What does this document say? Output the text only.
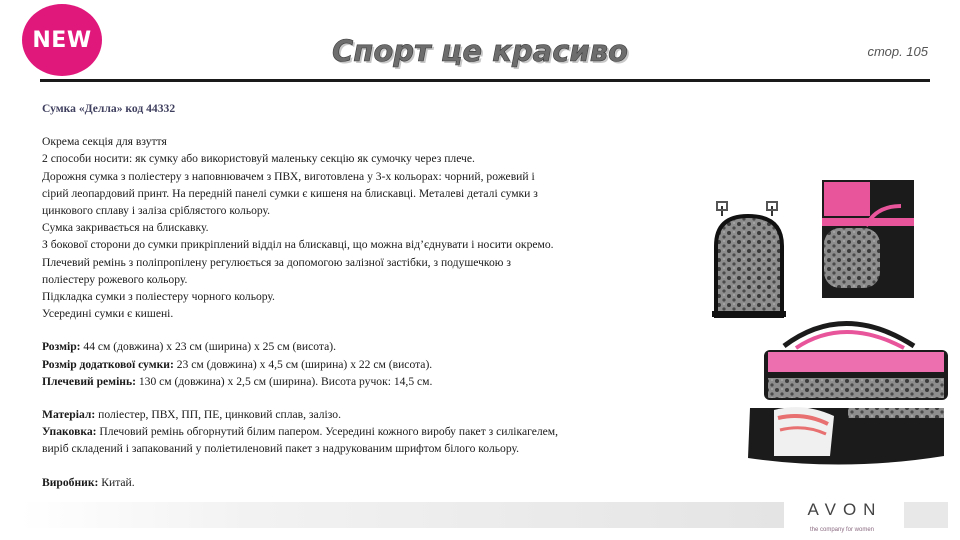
NEW	Спорт це красиво	стор. 105

Сумка «Делла» код 44332

Окрема секція для взуття

2 способи носити: як сумку або використовуй маленьку секцію як сумочку через плече.

Дорожня сумка з поліестеру з наповнювачем з ПВХ, виготовлена у 3-х кольорах: чорний, рожевий і

сірий леопардовий принт. На передній панелі сумки є кишеня на блискавці. Металеві деталі сумки з

цинкового сплаву і заліза сріблястого кольору.

Сумка закривається на блискавку.

З бокової сторони до сумки прикріплений відділ на блискавці, що можна від’єднувати і носити окремо.

Плечевий ремінь з поліпропілену регулюється за допомогою залізної застібки, з подушечкою з

поліестеру рожевого кольору.

Підкладка сумки з поліестеру чорного кольору.

Усередині сумки є кишені.

Розмір: 44 см (довжина) х 23 см (ширина) х 25 см (висота).

Розмір додаткової сумки: 23 см (довжина) х 4,5 см (ширина) х 22 см (висота).

Плечевий ремінь: 130 см (довжина) х 2,5 см (ширина). Висота ручок: 14,5 см.

Матеріал: поліестер, ПВХ, ПП, ПЕ, цинковий сплав, залізо.

Упаковка: Плечовий ремінь обгорнутий білим папером. Усередині кожного виробу пакет з силікагелем,

виріб складений і запакований у поліетиленовий пакет з надрукованим шрифтом білого кольору.

Виробник: Китай.

AVON
the company for women
